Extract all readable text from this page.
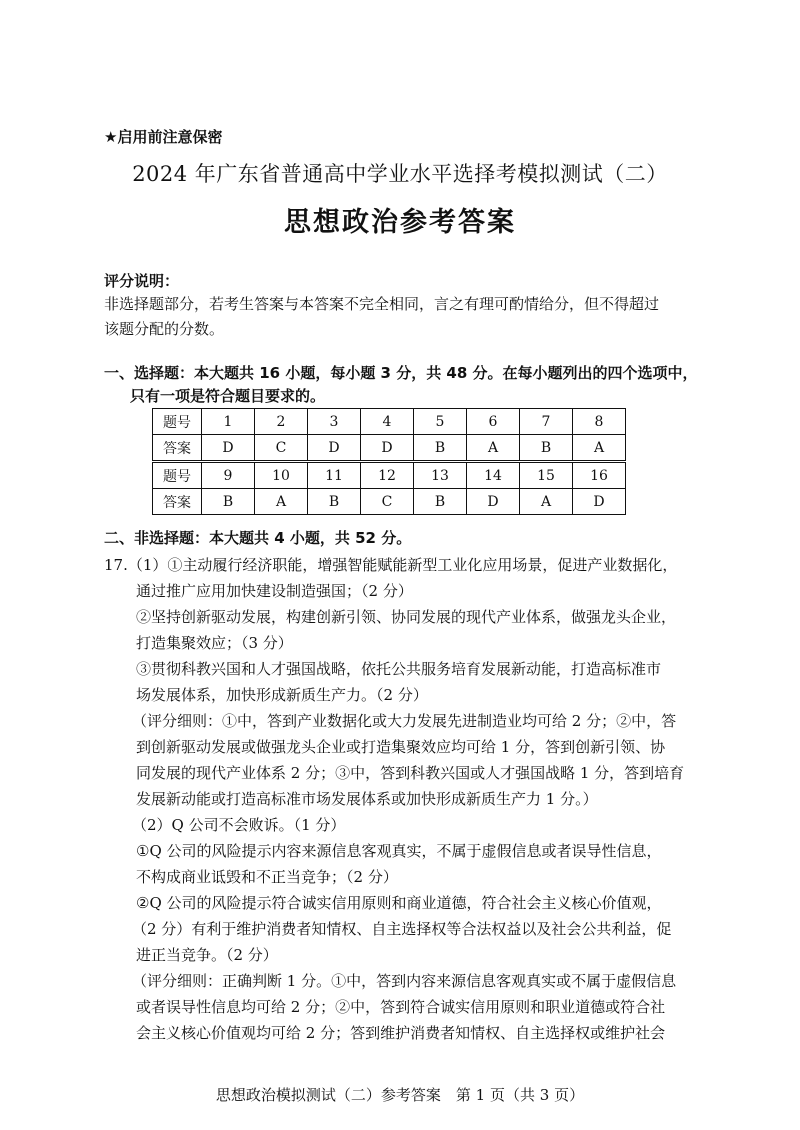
★启用前注意保密
2024 年广东省普通高中学业水平选择考模拟测试（二）
思想政治参考答案
评分说明：
非选择题部分，若考生答案与本答案不完全相同，言之有理可酌情给分，但不得超过
该题分配的分数。
一、选择题：本大题共 16 小题，每小题 3 分，共 48 分。在每小题列出的四个选项中，
只有一项是符合题目要求的。
题号	1	2	3	4	5	6	7	8
答案	D	C	D	D	B	A	B	A
题号	9	10	11	12	13	14	15	16
答案	B	A	B	C	B	D	A	D
二、非选择题：本大题共 4 小题，共 52 分。
17.（1）①主动履行经济职能，增强智能赋能新型工业化应用场景，促进产业数据化，
通过推广应用加快建设制造强国；（2 分）
②坚持创新驱动发展，构建创新引领、协同发展的现代产业体系，做强龙头企业，
打造集聚效应；（3 分）
③贯彻科教兴国和人才强国战略，依托公共服务培育发展新动能，打造高标准市
场发展体系，加快形成新质生产力。（2 分）
（评分细则：①中，答到产业数据化或大力发展先进制造业均可给 2 分；②中，答
到创新驱动发展或做强龙头企业或打造集聚效应均可给 1 分，答到创新引领、协
同发展的现代产业体系 2 分；③中，答到科教兴国或人才强国战略 1 分，答到培育
发展新动能或打造高标准市场发展体系或加快形成新质生产力 1 分。）
（2）Q 公司不会败诉。（1 分）
①Q 公司的风险提示内容来源信息客观真实，不属于虚假信息或者误导性信息，
不构成商业诋毁和不正当竞争；（2 分）
②Q 公司的风险提示符合诚实信用原则和商业道德，符合社会主义核心价值观，
（2 分）有利于维护消费者知情权、自主选择权等合法权益以及社会公共利益，促
进正当竞争。（2 分）
（评分细则：正确判断 1 分。①中，答到内容来源信息客观真实或不属于虚假信息
或者误导性信息均可给 2 分；②中，答到符合诚实信用原则和职业道德或符合社
会主义核心价值观均可给 2 分；答到维护消费者知情权、自主选择权或维护社会
思想政治模拟测试（二）参考答案　第 1 页（共 3 页）
